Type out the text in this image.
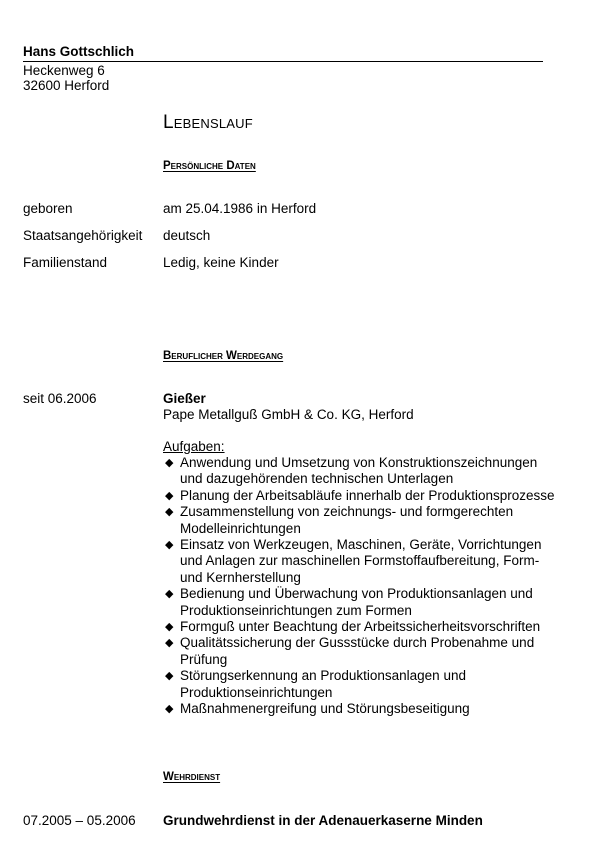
Hans Gottschlich
Heckenweg 6
32600 Herford
Lebenslauf
Persönliche Daten
geboren	am 25.04.1986 in Herford
Staatsangehörigkeit deutsch
Familienstand	Ledig, keine Kinder
Beruflicher Werdegang
seit 06.2006	Gießer
Pape Metallguß GmbH & Co. KG, Herford
Aufgaben:
◆ Anwendung und Umsetzung von Konstruktionszeichnungen
und dazugehörenden technischen Unterlagen
◆ Planung der Arbeitsabläufe innerhalb der Produktionsprozesse
◆ Zusammenstellung von zeichnungs- und formgerechten
Modelleinrichtungen
◆ Einsatz von Werkzeugen, Maschinen, Geräte, Vorrichtungen
und Anlagen zur maschinellen Formstoffaufbereitung, Form-
und Kernherstellung
◆ Bedienung und Überwachung von Produktionsanlagen und
Produktionseinrichtungen zum Formen
◆ Formguß unter Beachtung der Arbeitssicherheitsvorschriften
◆ Qualitätssicherung der Gussstücke durch Probenahme und
Prüfung
◆ Störungserkennung an Produktionsanlagen und
Produktionseinrichtungen
◆ Maßnahmenergreifung und Störungsbeseitigung
Wehrdienst
07.2005 – 05.2006 Grundwehrdienst in der Adenauerkaserne Minden
